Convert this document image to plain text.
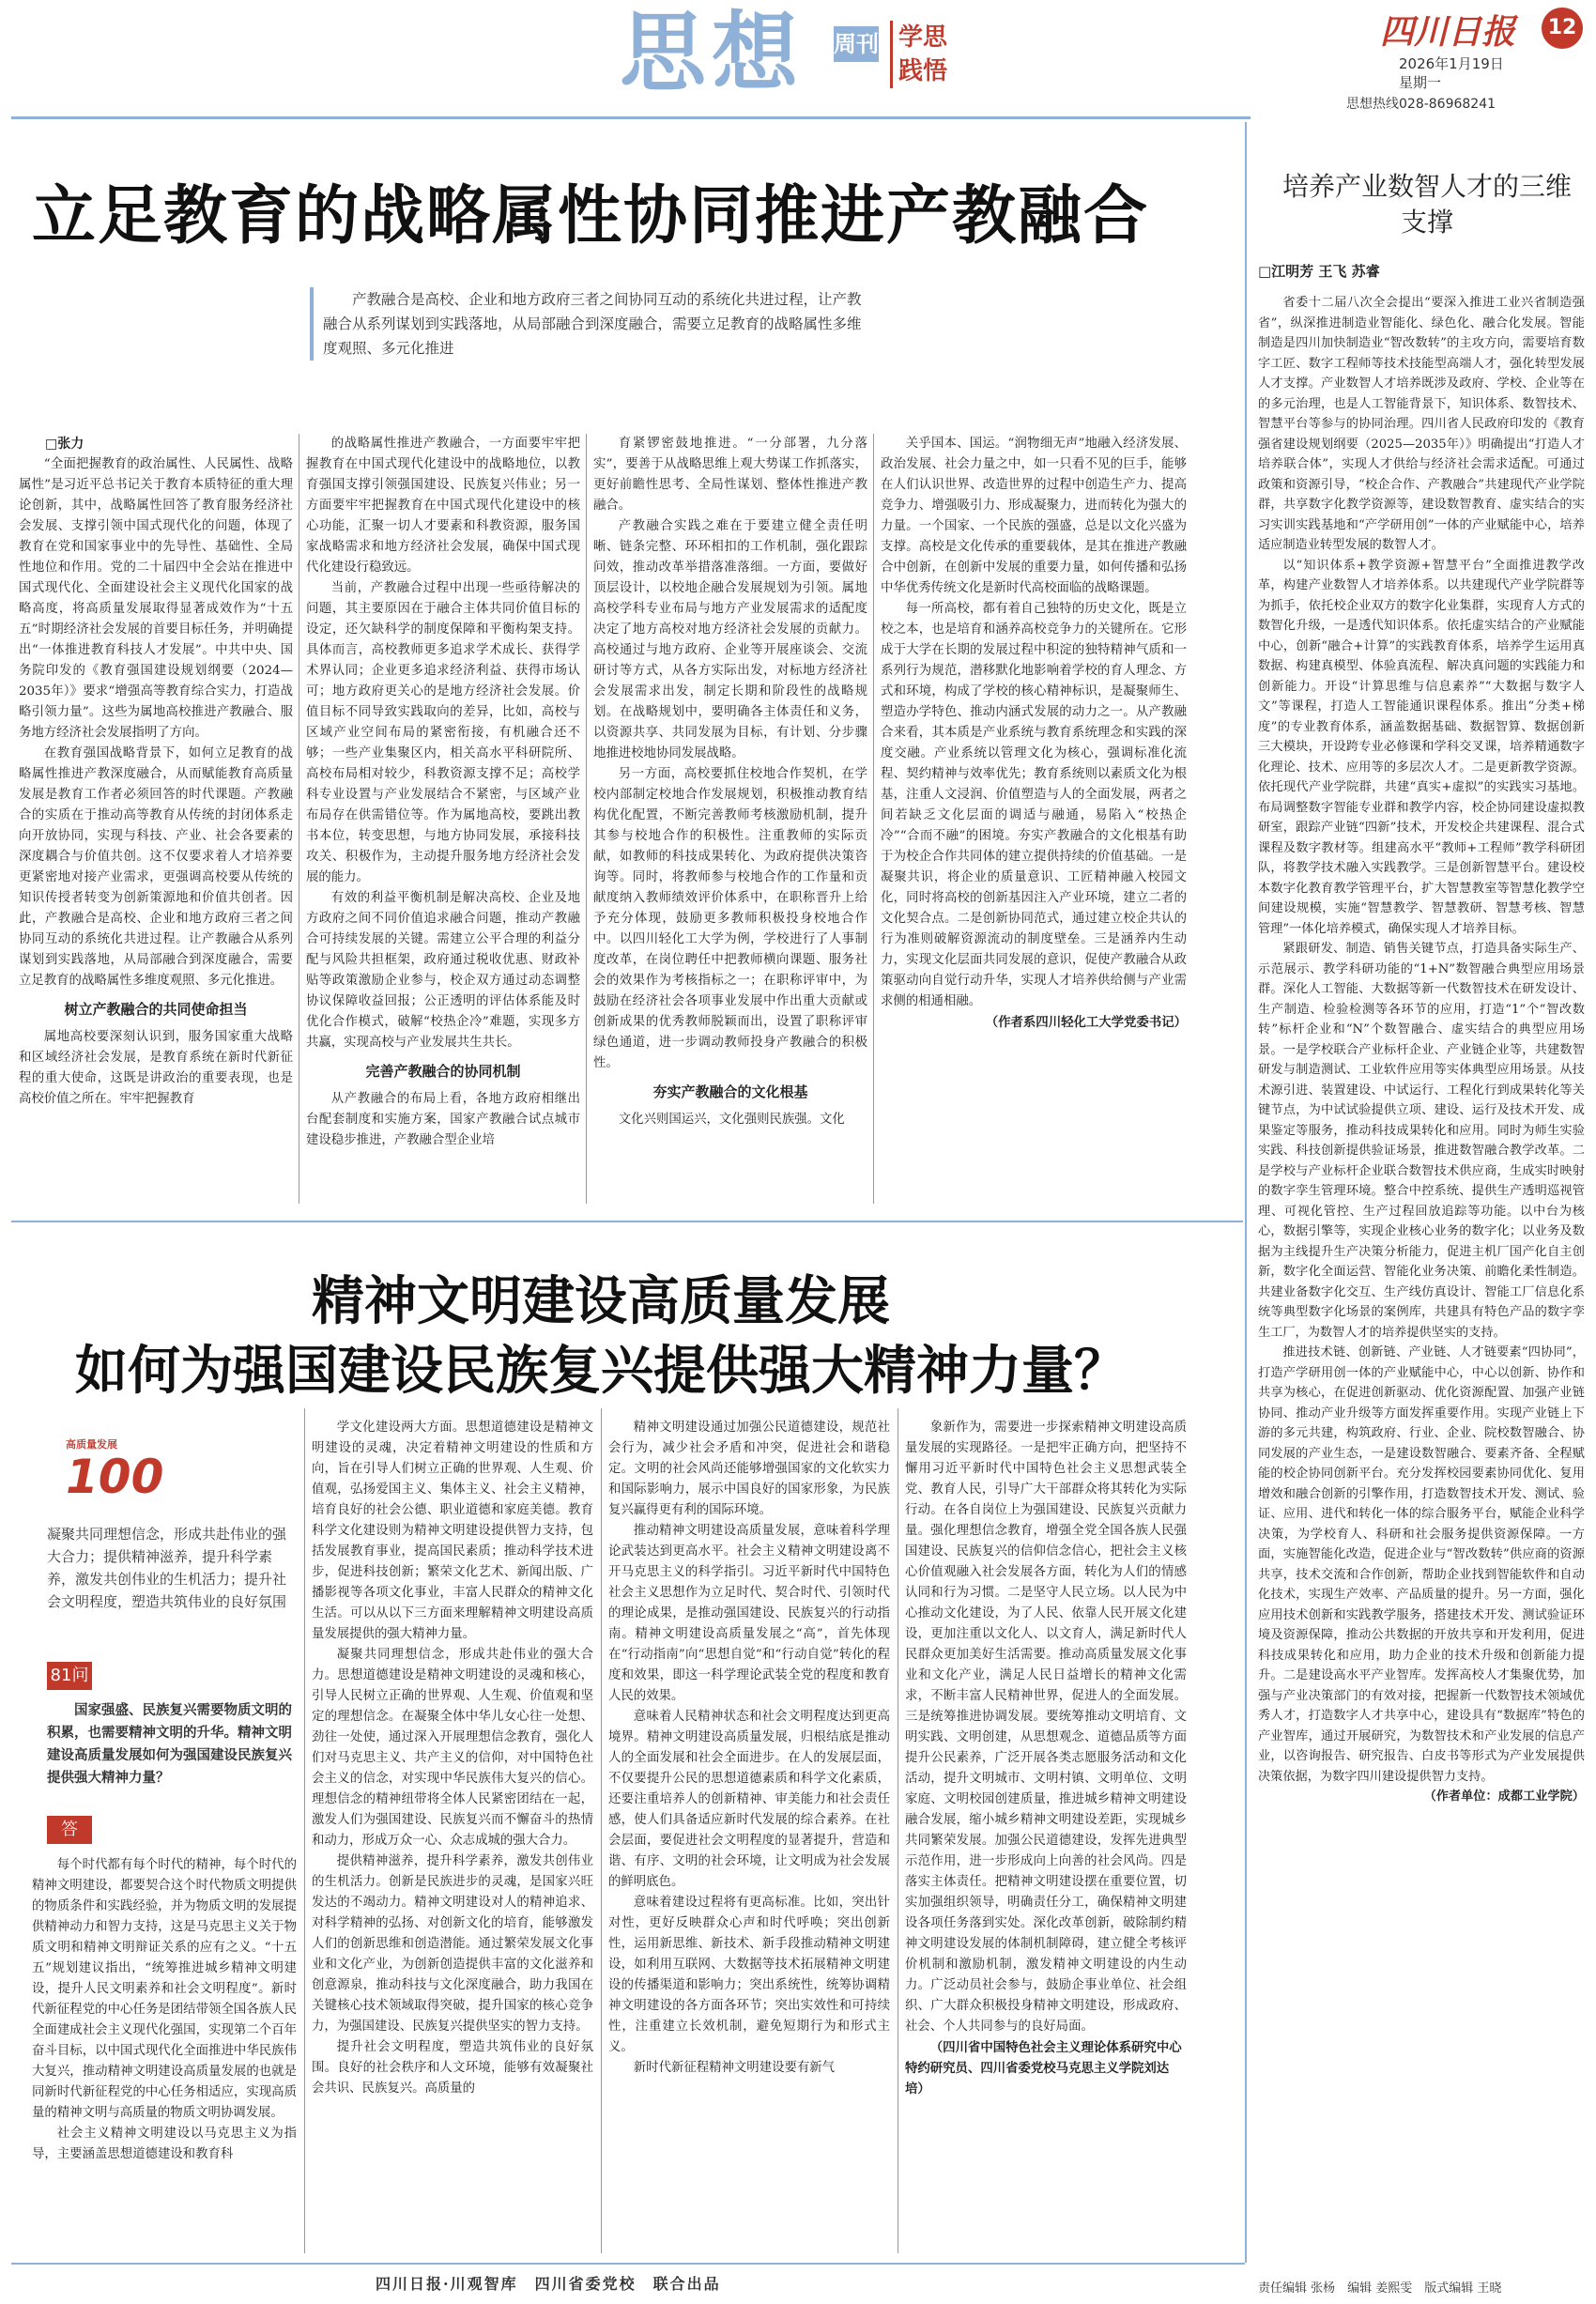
思想 周刊 学思践悟
四川日报	12
2026年1月19日
星期一
思想热线028-86968241
立足教育的战略属性协同推进产教融合
产教融合是高校、企业和地方政府三者之间协同互动的系统化共进过程，让产教融合从系列谋划到实践落地，从局部融合到深度融合，需要立足教育的战略属性多维度观照、多元化推进

□张力

“全面把握教育的政治属性、人民属性、战略属性”是习近平总书记关于教育本质特征的重大理论创新，其中，战略属性回答了教育服务经济社会发展、支撑引领中国式现代化的问题，体现了教育在党和国家事业中的先导性、基础性、全局性地位和作用。党的二十届四中全会站在推进中国式现代化、全面建设社会主义现代化国家的战略高度，将高质量发展取得显著成效作为“十五五”时期经济社会发展的首要目标任务，并明确提出“一体推进教育科技人才发展”。中共中央、国务院印发的《教育强国建设规划纲要（2024—2035年）》要求“增强高等教育综合实力，打造战略引领力量”。这些为属地高校推进产教融合、服务地方经济社会发展指明了方向。

在教育强国战略背景下，如何立足教育的战略属性推进产教深度融合，从而赋能教育高质量发展是教育工作者必须回答的时代课题。产教融合的实质在于推动高等教育从传统的封闭体系走向开放协同，实现与科技、产业、社会各要素的深度耦合与价值共创。这不仅要求着人才培养要更紧密地对接产业需求，更强调高校要从传统的知识传授者转变为创新策源地和价值共创者。因此，产教融合是高校、企业和地方政府三者之间协同互动的系统化共进过程。让产教融合从系列谋划到实践落地，从局部融合到深度融合，需要立足教育的战略属性多维度观照、多元化推进。

树立产教融合的共同使命担当

属地高校要深刻认识到，服务国家重大战略和区域经济社会发展，是教育系统在新时代新征程的重大使命，这既是讲政治的重要表现，也是高校价值之所在。牢牢把握教育

的战略属性推进产教融合，一方面要牢牢把握教育在中国式现代化建设中的战略地位，以教育强国支撑引领强国建设、民族复兴伟业；另一方面要牢牢把握教育在中国式现代化建设中的核心功能，汇聚一切人才要素和科教资源，服务国家战略需求和地方经济社会发展，确保中国式现代化建设行稳致远。

当前，产教融合过程中出现一些亟待解决的问题，其主要原因在于融合主体共同价值目标的设定，还欠缺科学的制度保障和平衡构架支持。具体而言，高校教师更多追求学术成长、获得学术界认同；企业更多追求经济利益、获得市场认可；地方政府更关心的是地方经济社会发展。价值目标不同导致实践取向的差异，比如，高校与区域产业空间布局的紧密衔接，有机融合还不够；一些产业集聚区内，相关高水平科研院所、高校布局相对较少，科教资源支撑不足；高校学科专业设置与产业发展结合不紧密，与区域产业布局存在供需错位等。作为属地高校，要跳出教书本位，转变思想，与地方协同发展，承接科技攻关、积极作为，主动提升服务地方经济社会发展的能力。

有效的利益平衡机制是解决高校、企业及地方政府之间不同价值追求融合问题，推动产教融合可持续发展的关键。需建立公平合理的利益分配与风险共担框架，政府通过税收优惠、财政补贴等政策激励企业参与，校企双方通过动态调整协议保障收益回报；公正透明的评估体系能及时优化合作模式，破解“校热企冷”难题，实现多方共赢，实现高校与产业发展共生共长。

完善产教融合的协同机制

从产教融合的布局上看，各地方政府相继出台配套制度和实施方案，国家产教融合试点城市建设稳步推进，产教融合型企业培

育紧锣密鼓地推进。“一分部署，九分落实”，要善于从战略思维上观大势谋工作抓落实，更好前瞻性思考、全局性谋划、整体性推进产教融合。

产教融合实践之难在于要建立健全责任明晰、链条完整、环环相扣的工作机制，强化跟踪问效，推动改革举措落准落细。一方面，要做好顶层设计，以校地企融合发展规划为引领。属地高校学科专业布局与地方产业发展需求的适配度决定了地方高校对地方经济社会发展的贡献力。高校通过与地方政府、企业等开展座谈会、交流研讨等方式，从各方实际出发，对标地方经济社会发展需求出发，制定长期和阶段性的战略规划。在战略规划中，要明确各主体责任和义务，以资源共享、共同发展为目标，有计划、分步骤地推进校地协同发展战略。

另一方面，高校要抓住校地合作契机，在学校内部制定校地合作发展规划，积极推动教育结构优化配置，不断完善教师考核激励机制，提升其参与校地合作的积极性。注重教师的实际贡献，如教师的科技成果转化、为政府提供决策咨询等。同时，将教师参与校地合作的工作量和贡献度纳入教师绩效评价体系中，在职称晋升上给予充分体现，鼓励更多教师积极投身校地合作中。以四川轻化工大学为例，学校进行了人事制度改革，在岗位聘任中把教师横向课题、服务社会的效果作为考核指标之一；在职称评审中，为鼓励在经济社会各项事业发展中作出重大贡献或创新成果的优秀教师脱颖而出，设置了职称评审绿色通道，进一步调动教师投身产教融合的积极性。

夯实产教融合的文化根基

文化兴则国运兴，文化强则民族强。文化

关乎国本、国运。“润物细无声”地融入经济发展、政治发展、社会力量之中，如一只看不见的巨手，能够在人们认识世界、改造世界的过程中创造生产力、提高竞争力、增强吸引力、形成凝聚力，进而转化为强大的力量。一个国家、一个民族的强盛，总是以文化兴盛为支撑。高校是文化传承的重要载体，是其在推进产教融合中创新，在创新中发展的重要力量，如何传播和弘扬中华优秀传统文化是新时代高校面临的战略课题。

每一所高校，都有着自己独特的历史文化，既是立校之本，也是培育和涵养高校竞争力的关键所在。它形成于大学在长期的发展过程中积淀的独特精神气质和一系列行为规范，潜移默化地影响着学校的育人理念、方式和环境，构成了学校的核心精神标识，是凝聚师生、塑造办学特色、推动内涵式发展的动力之一。从产教融合来看，其本质是产业系统与教育系统理念和实践的深度交融。产业系统以管理文化为核心，强调标准化流程、契约精神与效率优先；教育系统则以素质文化为根基，注重人文浸润、价值塑造与人的全面发展，两者之间若缺乏文化层面的调适与融通，易陷入“校热企冷”“合而不融”的困境。夯实产教融合的文化根基有助于为校企合作共同体的建立提供持续的价值基础。一是凝聚共识，将企业的质量意识、工匠精神融入校园文化，同时将高校的创新基因注入产业环境，建立二者的文化契合点。二是创新协同范式，通过建立校企共认的行为准则破解资源流动的制度壁垒。三是涵养内生动力，实现文化层面共同发展的意识，促使产教融合从政策驱动向自觉行动升华，实现人才培养供给侧与产业需求侧的相通相融。

（作者系四川轻化工大学党委书记）

培养产业数智人才的三维支撑
□江明芳 王飞 苏睿

省委十二届八次全会提出“要深入推进工业兴省制造强省”，纵深推进制造业智能化、绿色化、融合化发展。智能制造是四川加快制造业“智改数转”的主攻方向，需要培育数字工匠、数字工程师等技术技能型高端人才，强化转型发展人才支撑。产业数智人才培养既涉及政府、学校、企业等在的多元治理，也是人工智能背景下，知识体系、数智技术、智慧平台等参与的协同治理。四川省人民政府印发的《教育强省建设规划纲要（2025—2035年）》明确提出“打造人才培养联合体”，实现人才供给与经济社会需求适配。可通过政策和资源引导，“校企合作、产教融合”共建现代产业学院群，共享数字化教学资源等，建设数智教育、虚实结合的实习实训实践基地和“产学研用创”一体的产业赋能中心，培养适应制造业转型发展的数智人才。

以“知识体系+教学资源+智慧平台”全面推进教学改革，构建产业数智人才培养体系。以共建现代产业学院群等为抓手，依托校企业双方的数字化业集群，实现育人方式的数智化升级，一是透代知识体系。依托虚实结合的产业赋能中心，创新“融合+计算”的实践教育体系，培养学生运用真数据、构建真模型、体验真流程、解决真问题的实践能力和创新能力。开设“计算思维与信息素养”“大数据与数字人文”等课程，打造人工智能通识课程体系。推出“分类+梯度”的专业教育体系，涵盖数据基础、数据智算、数据创新三大模块，开设跨专业必修课和学科交叉课，培养精通数字化理论、技术、应用等的多层次人才。二是更新教学资源。依托现代产业学院群，共建“真实+虚拟”的实践实习基地。布局调整数字智能专业群和教学内容，校企协同建设虚拟教研室，跟踪产业链“四新”技术，开发校企共建课程、混合式课程及数字教材等。组建高水平“教师+工程师”教学科研团队，将教学技术融入实践教学。三是创新智慧平台。建设校本数字化教育教学管理平台，扩大智慧教室等智慧化教学空间建设规模，实施“智慧教学、智慧教研、智慧考核、智慧管理”一体化培养模式，确保实现人才培养目标。

紧跟研发、制造、销售关键节点，打造具备实际生产、示范展示、教学科研功能的“1+N”数智融合典型应用场景群。深化人工智能、大数据等新一代数智技术在研发设计、生产制造、检验检测等各环节的应用，打造“1”个“智改数转”标杆企业和“N”个数智融合、虚实结合的典型应用场景。一是学校联合产业标杆企业、产业链企业等，共建数智研发与制造测试、工业软件应用等实体典型应用场景。从技术源引进、装置建设、中试运行、工程化行到成果转化等关键节点，为中试试验提供立项、建设、运行及技术开发、成果鉴定等服务，推动科技成果转化和应用。同时为师生实验实践、科技创新提供验证场景，推进数智融合教学改革。二是学校与产业标杆企业联合数智技术供应商，生成实时映射的数字孪生管理环境。整合中控系统、提供生产透明巡视管理、可视化管控、生产过程回放追踪等功能。以中台为核心，数据引擎等，实现企业核心业务的数字化；以业务及数据为主线提升生产决策分析能力，促进主机厂国产化自主创新，数字化全面运营、智能化业务决策、前瞻化柔性制造。共建业备数字化交互、生产线仿真设计、智能工厂信息化系统等典型数字化场景的案例库，共建具有特色产品的数字孪生工厂，为数智人才的培养提供坚实的支持。

推进技术链、创新链、产业链、人才链要素“四协同”，打造产学研用创一体的产业赋能中心，中心以创新、协作和共享为核心，在促进创新驱动、优化资源配置、加强产业链协同、推动产业升级等方面发挥重要作用。实现产业链上下游的多元共建，构筑政府、行业、企业、院校数智融合、协同发展的产业生态，一是建设数智融合、要素齐备、全程赋能的校企协同创新平台。充分发挥校园要素协同优化、复用增效和融合创新的引擎作用，打造数智技术开发、测试、验证、应用、进代和转化一体的综合服务平台，赋能企业科学决策，为学校育人、科研和社会服务提供资源保障。一方面，实施智能化改造，促进企业与“智改数转”供应商的资源共享，技术交流和合作创新，帮助企业找到智能软件和自动化技术，实现生产效率、产品质量的提升。另一方面，强化应用技术创新和实践教学服务，搭建技术开发、测试验证环境及资源保障，推动公共数据的开放共享和开发利用，促进科技成果转化和应用，助力企业的技术升级和创新能力提升。二是建设高水平产业智库。发挥高校人才集聚优势，加强与产业决策部门的有效对接，把握新一代数智技术领域优秀人才，打造数字人才共享中心，建设具有“数据库”特色的产业智库，通过开展研究，为数智技术和产业发展的信息产业，以咨询报告、研究报告、白皮书等形式为产业发展提供决策依据，为数字四川建设提供智力支持。

（作者单位：成都工业学院）

精神文明建设高质量发展
如何为强国建设民族复兴提供强大精神力量？
高质量发展
100
凝聚共同理想信念，形成共赴伟业的强大合力；提供精神滋养，提升科学素养，激发共创伟业的生机活力；提升社会文明程度，塑造共筑伟业的良好氛围
81问
国家强盛、民族复兴需要物质文明的积累，也需要精神文明的升华。精神文明建设高质量发展如何为强国建设民族复兴提供强大精神力量？
答

每个时代都有每个时代的精神，每个时代的精神文明建设，都要契合这个时代物质文明提供的物质条件和实践经验，并为物质文明的发展提供精神动力和智力支持，这是马克思主义关于物质文明和精神文明辩证关系的应有之义。“十五五”规划建议指出，“统筹推进城乡精神文明建设，提升人民文明素养和社会文明程度”。新时代新征程党的中心任务是团结带领全国各族人民全面建成社会主义现代化强国，实现第二个百年奋斗目标，以中国式现代化全面推进中华民族伟大复兴，推动精神文明建设高质量发展的也就是同新时代新征程党的中心任务相适应，实现高质量的精神文明与高质量的物质文明协调发展。

社会主义精神文明建设以马克思主义为指导，主要涵盖思想道德建设和教育科

学文化建设两大方面。思想道德建设是精神文明建设的灵魂，决定着精神文明建设的性质和方向，旨在引导人们树立正确的世界观、人生观、价值观，弘扬爱国主义、集体主义、社会主义精神，培育良好的社会公德、职业道德和家庭美德。教育科学文化建设则为精神文明建设提供智力支持，包括发展教育事业，提高国民素质；推动科学技术进步，促进科技创新；繁荣文化艺术、新闻出版、广播影视等各项文化事业，丰富人民群众的精神文化生活。可以从以下三方面来理解精神文明建设高质量发展提供的强大精神力量。

凝聚共同理想信念，形成共赴伟业的强大合力。思想道德建设是精神文明建设的灵魂和核心，引导人民树立正确的世界观、人生观、价值观和坚定的理想信念。在凝聚全体中华儿女心往一处想、劲往一处使，通过深入开展理想信念教育，强化人们对马克思主义、共产主义的信仰，对中国特色社会主义的信念，对实现中华民族伟大复兴的信心。理想信念的精神纽带将全体人民紧密团结在一起，激发人们为强国建设、民族复兴而不懈奋斗的热情和动力，形成万众一心、众志成城的强大合力。

提供精神滋养，提升科学素养，激发共创伟业的生机活力。创新是民族进步的灵魂，是国家兴旺发达的不竭动力。精神文明建设对人的精神追求、对科学精神的弘扬、对创新文化的培育，能够激发人们的创新思维和创造潜能。通过繁荣发展文化事业和文化产业，为创新创造提供丰富的文化滋养和创意源泉，推动科技与文化深度融合，助力我国在关键核心技术领域取得突破，提升国家的核心竞争力，为强国建设、民族复兴提供坚实的智力支持。

提升社会文明程度，塑造共筑伟业的良好氛围。良好的社会秩序和人文环境，能够有效凝聚社会共识、民族复兴。高质量的

精神文明建设通过加强公民道德建设，规范社会行为，减少社会矛盾和冲突，促进社会和谐稳定。文明的社会风尚还能够增强国家的文化软实力和国际影响力，展示中国良好的国家形象，为民族复兴赢得更有利的国际环境。

推动精神文明建设高质量发展，意味着科学理论武装达到更高水平。社会主义精神文明建设离不开马克思主义的科学指引。习近平新时代中国特色社会主义思想作为立足时代、契合时代、引领时代的理论成果，是推动强国建设、民族复兴的行动指南。精神文明建设高质量发展之“高”，首先体现在“行动指南”向“思想自觉”和“行动自觉”转化的程度和效果，即这一科学理论武装全党的程度和教育人民的效果。

意味着人民精神状态和社会文明程度达到更高境界。精神文明建设高质量发展，归根结底是推动人的全面发展和社会全面进步。在人的发展层面，不仅要提升公民的思想道德素质和科学文化素质，还要注重培养人的创新精神、审美能力和社会责任感，使人们具备适应新时代发展的综合素养。在社会层面，要促进社会文明程度的显著提升，营造和谐、有序、文明的社会环境，让文明成为社会发展的鲜明底色。

意味着建设过程将有更高标准。比如，突出针对性，更好反映群众心声和时代呼唤；突出创新性，运用新思维、新技术、新手段推动精神文明建设，如利用互联网、大数据等技术拓展精神文明建设的传播渠道和影响力；突出系统性，统筹协调精神文明建设的各方面各环节；突出实效性和可持续性，注重建立长效机制，避免短期行为和形式主义。

新时代新征程精神文明建设要有新气

象新作为，需要进一步探索精神文明建设高质量发展的实现路径。一是把牢正确方向，把坚持不懈用习近平新时代中国特色社会主义思想武装全党、教育人民，引导广大干部群众将其转化为实际行动。在各自岗位上为强国建设、民族复兴贡献力量。强化理想信念教育，增强全党全国各族人民强国建设、民族复兴的信仰信念信心，把社会主义核心价值观融入社会发展各方面，转化为人们的情感认同和行为习惯。二是坚守人民立场。以人民为中心推动文化建设，为了人民、依靠人民开展文化建设，更加注重以文化人、以文育人，满足新时代人民群众更加美好生活需要。推动高质量发展文化事业和文化产业，满足人民日益增长的精神文化需求，不断丰富人民精神世界，促进人的全面发展。三是统筹推进协调发展。要统筹推动文明培育、文明实践、文明创建，从思想观念、道德品质等方面提升公民素养，广泛开展各类志愿服务活动和文化活动，提升文明城市、文明村镇、文明单位、文明家庭、文明校园创建质量，推进城乡精神文明建设融合发展，缩小城乡精神文明建设差距，实现城乡共同繁荣发展。加强公民道德建设，发挥先进典型示范作用，进一步形成向上向善的社会风尚。四是落实主体责任。把精神文明建设摆在重要位置，切实加强组织领导，明确责任分工，确保精神文明建设各项任务落到实处。深化改革创新，破除制约精神文明建设发展的体制机制障碍，建立健全考核评价机制和激励机制，激发精神文明建设的内生动力。广泛动员社会参与，鼓励企事业单位、社会组织、广大群众积极投身精神文明建设，形成政府、社会、个人共同参与的良好局面。

（四川省中国特色社会主义理论体系研究中心特约研究员、四川省委党校马克思主义学院刘达培）

四川日报·川观智库　四川省委党校　联合出品	责任编辑 张杨　编辑 姜熙雯　版式编辑 王晓
